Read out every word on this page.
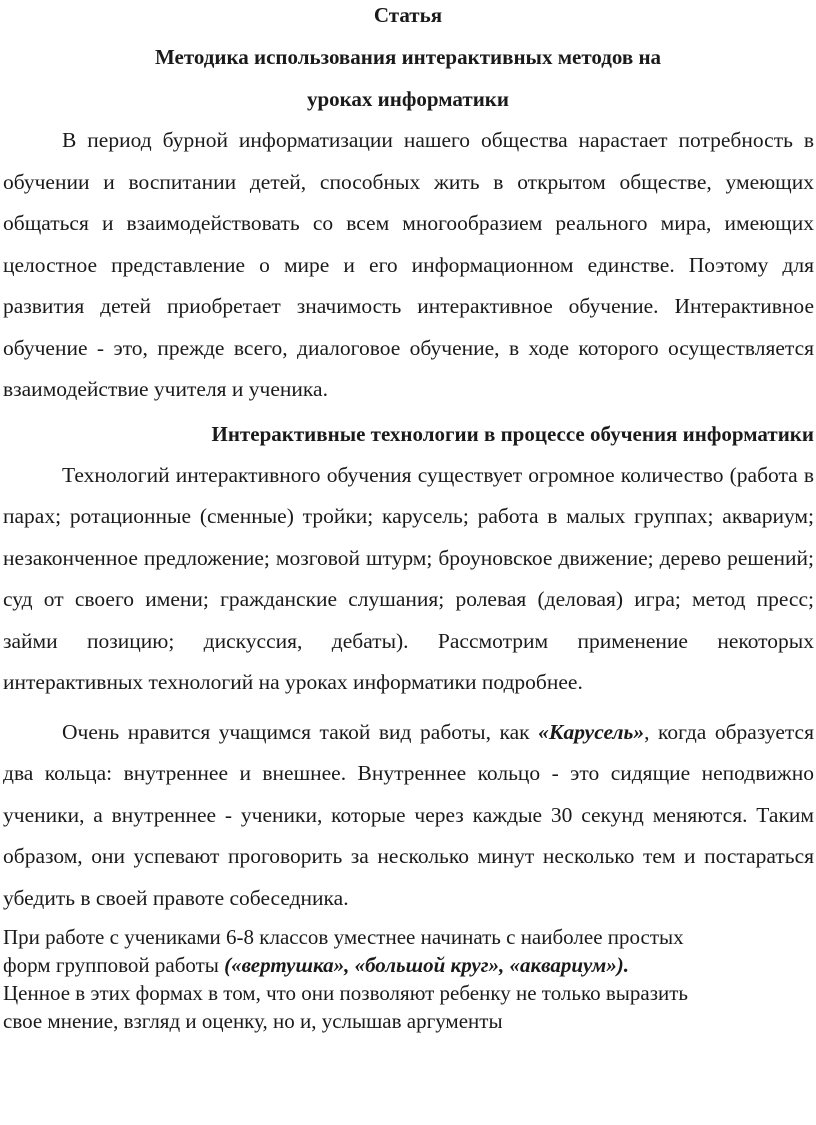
Статья

Методика использования интерактивных методов на

уроках информатики

В период бурной информатизации нашего общества нарастает потребность в обучении и воспитании детей, способных жить в открытом обществе, умеющих общаться и взаимодействовать со всем многообразием реального мира, имеющих целостное представление о мире и его информационном единстве. Поэтому для развития детей приобретает значимость интерактивное обучение. Интерактивное обучение - это, прежде всего, диалоговое обучение, в ходе которого осуществляется взаимодействие учителя и ученика.

Интерактивные технологии в процессе обучения информатики

Технологий интерактивного обучения существует огромное количество (работа в парах; ротационные (сменные) тройки; карусель; работа в малых группах; аквариум; незаконченное предложение; мозговой штурм; броуновское движение; дерево решений; суд от своего имени; гражданские слушания; ролевая (деловая) игра; метод пресс; займи позицию; дискуссия, дебаты). Рассмотрим применение некоторых интерактивных технологий на уроках информатики подробнее.

Очень нравится учащимся такой вид работы, как «Карусель», когда образуется два кольца: внутреннее и внешнее. Внутреннее кольцо - это сидящие неподвижно ученики, а внутреннее - ученики, которые через каждые 30 секунд меняются. Таким образом, они успевают проговорить за несколько минут несколько тем и постараться убедить в своей правоте собеседника.

При работе с учениками 6-8 классов уместнее начинать с наиболее простых

форм групповой работы («вертушка», «большой круг», «аквариум»).

Ценное в этих формах в том, что они позволяют ребенку не только выразить

свое мнение, взгляд и оценку, но и, услышав аргументы
